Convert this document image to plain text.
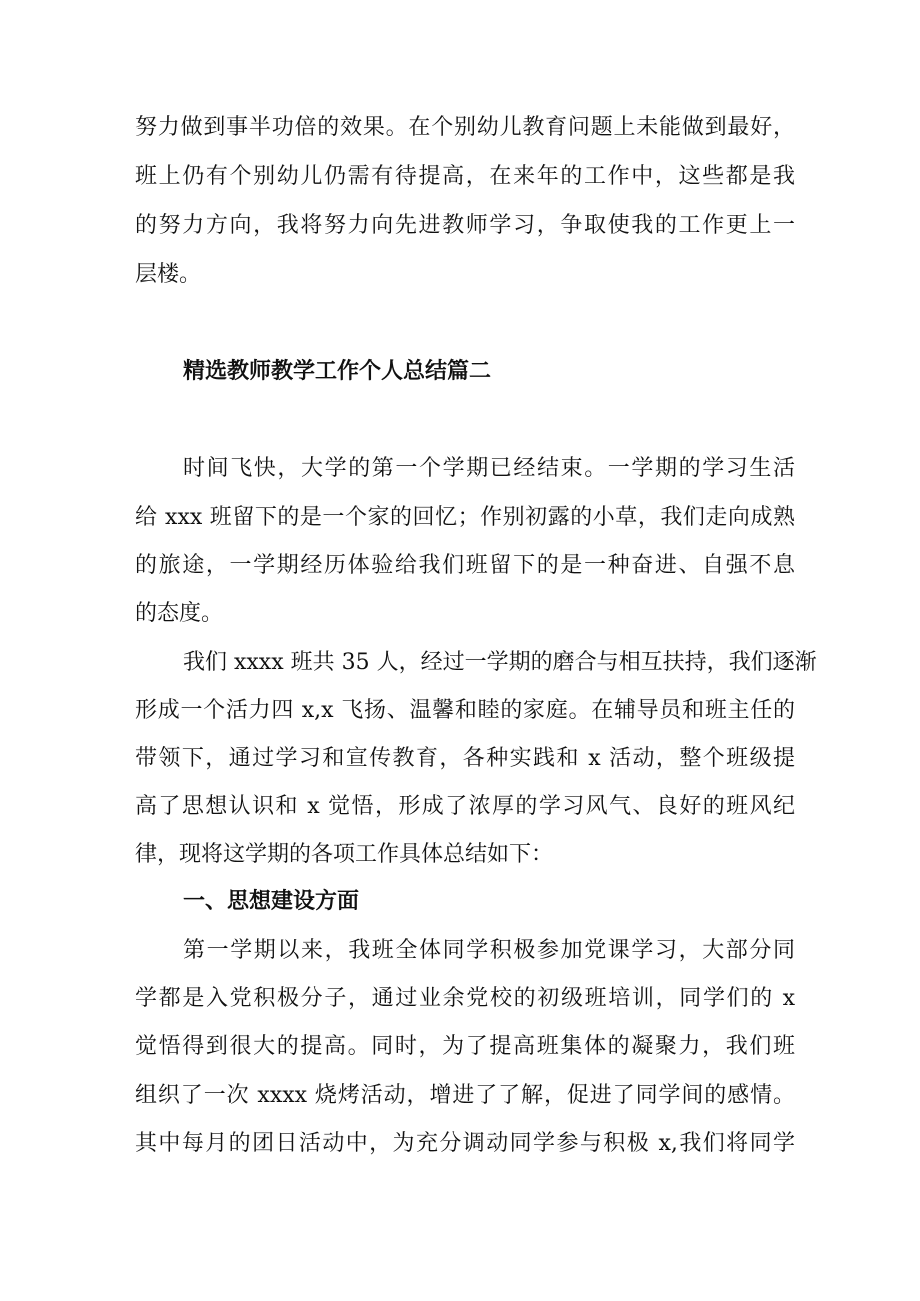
努力做到事半功倍的效果。在个别幼儿教育问题上未能做到最好，
班上仍有个别幼儿仍需有待提高，在来年的工作中，这些都是我
的努力方向，我将努力向先进教师学习，争取使我的工作更上一
层楼。
精选教师教学工作个人总结篇二
时间飞快，大学的第一个学期已经结束。一学期的学习生活
给 xxx 班留下的是一个家的回忆；作别初露的小草，我们走向成熟
的旅途，一学期经历体验给我们班留下的是一种奋进、自强不息
的态度。
我们 xxxx 班共 35 人，经过一学期的磨合与相互扶持，我们逐渐
形成一个活力四 x,x 飞扬、温馨和睦的家庭。在辅导员和班主任的
带领下，通过学习和宣传教育，各种实践和 x 活动，整个班级提
高了思想认识和 x 觉悟，形成了浓厚的学习风气、良好的班风纪
律，现将这学期的各项工作具体总结如下：
一、思想建设方面
第一学期以来，我班全体同学积极参加党课学习，大部分同
学都是入党积极分子，通过业余党校的初级班培训，同学们的 x
觉悟得到很大的提高。同时，为了提高班集体的凝聚力，我们班
组织了一次 xxxx 烧烤活动，增进了了解，促进了同学间的感情。
其中每月的团日活动中，为充分调动同学参与积极 x,我们将同学
